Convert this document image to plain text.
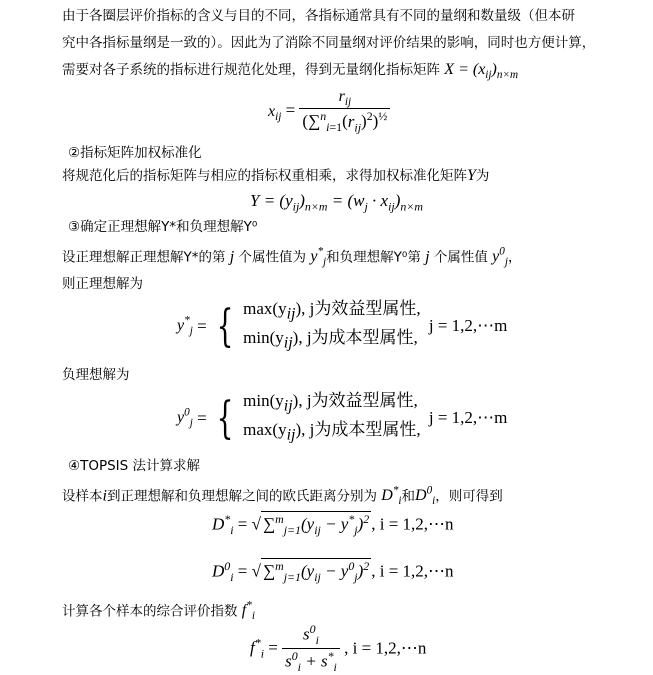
由于各圈层评价指标的含义与目的不同，各指标通常具有不同的量纲和数量级（但本研
究中各指标量纲是一致的）。因此为了消除不同量纲对评价结果的影响，同时也方便计算，
需要对各子系统的指标进行规范化处理，得到无量纲化指标矩阵 $X = (x_{ij})_{n\times m}$
$x_{ij} = \frac{r_{ij}}{(\sum^n_{i=1}(r_{ij})^2)^{\frac{1}{2}}}$
②指标矩阵加权标准化
将规范化后的指标矩阵与相应的指标权重相乘，求得加权标准化矩阵Y为
$Y = (y_{ij})_{n\times m} = (w_j \cdot x_{ij})_{n\times m}$
③确定正理想解Y*和负理想解Y⁰
设正理想解正理想解Y*的第 j 个属性值为 $y^*_j$和负理想解Y⁰第 j 个属性值 $y^0_j$，
则正理想解为
$y^*_j$ = { $\max(y_{ij})$, j为效益型属性,
$\min(y_{ij})$, j为成本型属性,
j = 1,2,⋯m
负理想解为
$y^0_j$ = { $\min(y_{ij})$, j为效益型属性,
$\max(y_{ij})$, j为成本型属性,
j = 1,2,⋯m
④TOPSIS 法计算求解
设样本i到正理想解和负理想解之间的欧氏距离分别为 $D^*_i$和$D^0_i$，则可得到
$D^*_i$ = √ $\sum^m_{j=1}(y_{ij} - y^*_j)^2$ , i = 1,2,⋯n
$D^0_i$ = √ $\sum^m_{j=1}(y_{ij} - y^0_j)^2$ , i = 1,2,⋯n
计算各个样本的综合评价指数 $f^*_i$
$f^*_i = \frac{s^0_i}{s^0_i + s^*_i}$ , i = 1,2,⋯n
